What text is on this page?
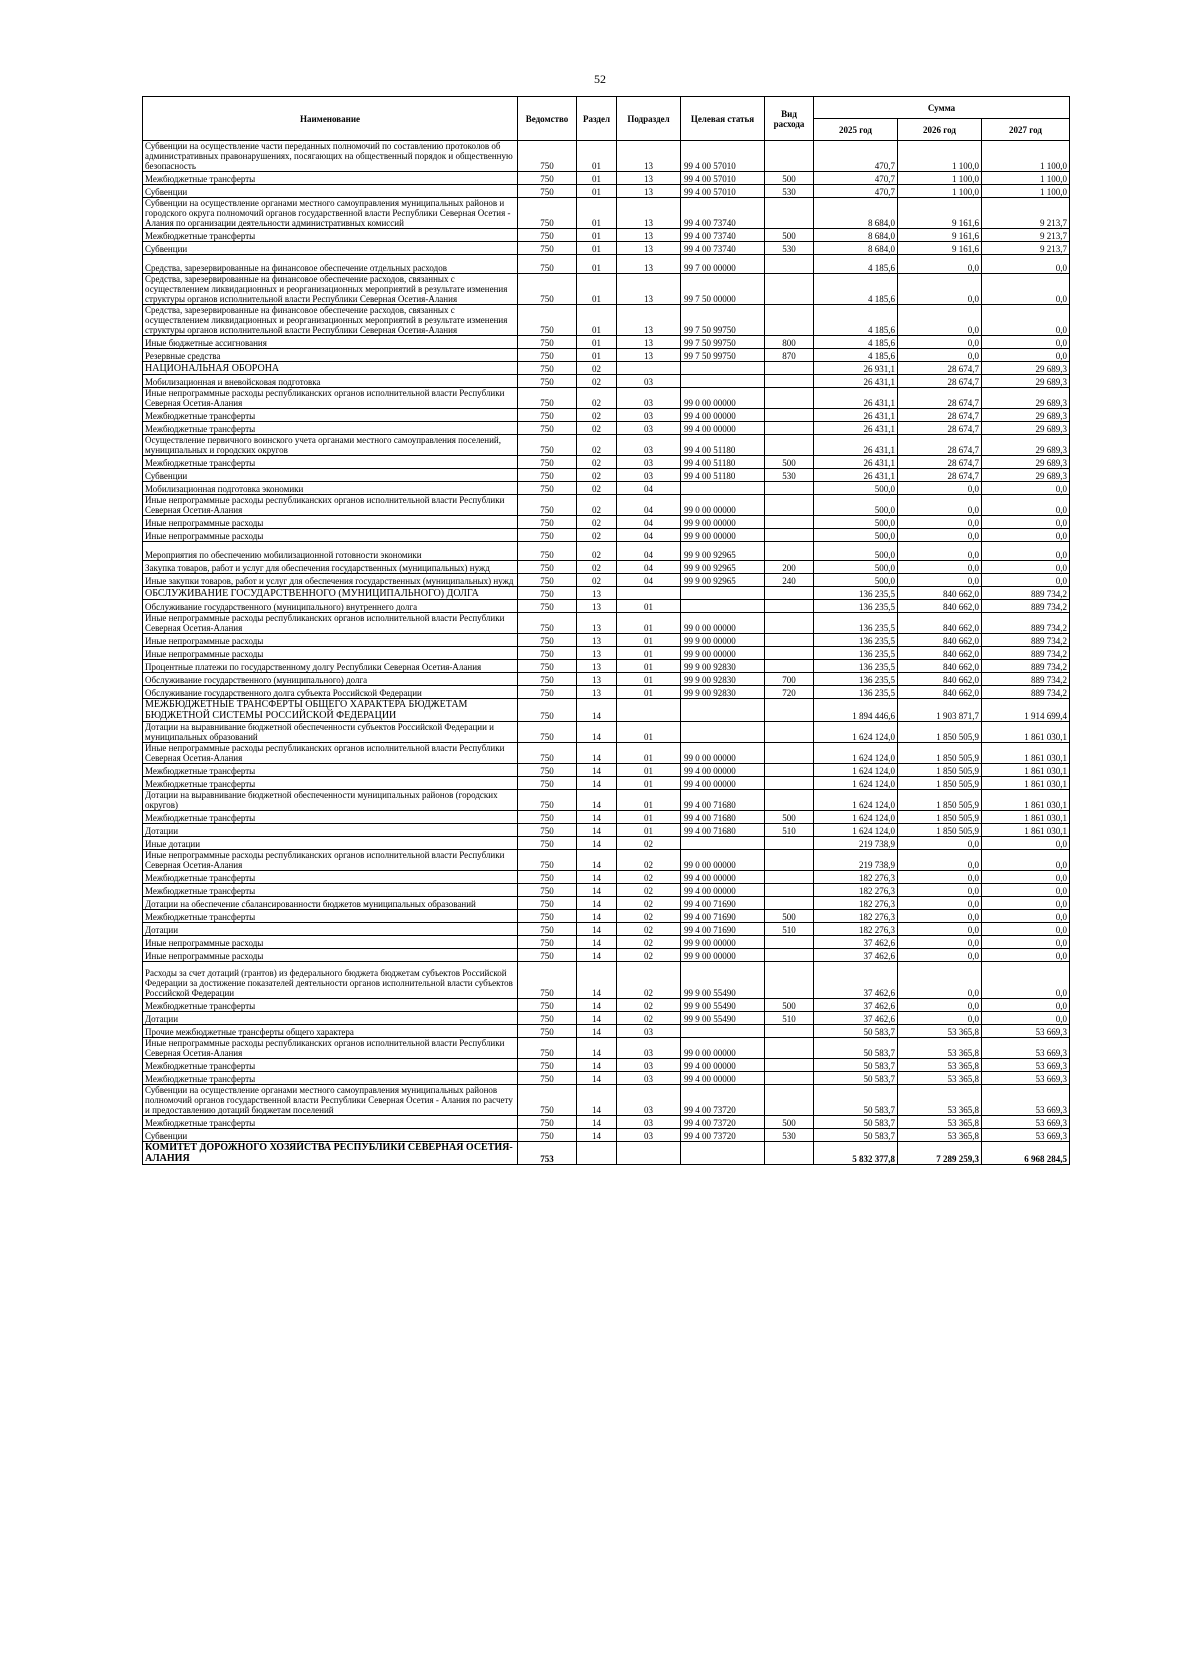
52
Наименование	Ведомство	Раздел	Подраздел	Целевая статья	Вид расхода	Сумма		
						2025 год	2026 год	2027 год
Субвенции на осуществление части переданных полномочий по составлению протоколов об административных правонарушениях, посягающих на общественный порядок и общественную безопасность	750	01	13	99 4 00 57010		470,7	1 100,0	1 100,0
Межбюджетные трансферты	750	01	13	99 4 00 57010	500	470,7	1 100,0	1 100,0
Субвенции	750	01	13	99 4 00 57010	530	470,7	1 100,0	1 100,0
Субвенции на осуществление органами местного самоуправления муниципальных районов и городского округа полномочий органов государственной власти Республики Северная Осетия - Алания по организации деятельности административных комиссий	750	01	13	99 4 00 73740		8 684,0	9 161,6	9 213,7
Межбюджетные трансферты	750	01	13	99 4 00 73740	500	8 684,0	9 161,6	9 213,7
Субвенции	750	01	13	99 4 00 73740	530	8 684,0	9 161,6	9 213,7
Средства, зарезервированные на финансовое обеспечение отдельных расходов	750	01	13	99 7 00 00000		4 185,6	0,0	0,0
Средства, зарезервированные на финансовое обеспечение расходов, связанных с осуществлением ликвидационных и реорганизационных мероприятий в результате изменения структуры органов исполнительной власти Республики Северная Осетия-Алания	750	01	13	99 7 50 00000		4 185,6	0,0	0,0
Средства, зарезервированные на финансовое обеспечение расходов, связанных с осуществлением ликвидационных и реорганизационных мероприятий в результате изменения структуры органов исполнительной власти Республики Северная Осетия-Алания	750	01	13	99 7 50 99750		4 185,6	0,0	0,0
Иные бюджетные ассигнования	750	01	13	99 7 50 99750	800	4 185,6	0,0	0,0
Резервные средства	750	01	13	99 7 50 99750	870	4 185,6	0,0	0,0
НАЦИОНАЛЬНАЯ ОБОРОНА	750	02				26 931,1	28 674,7	29 689,3
Мобилизационная и вневойсковая подготовка	750	02	03			26 431,1	28 674,7	29 689,3
Иные непрограммные расходы республиканских органов исполнительной власти Республики Северная Осетия-Алания	750	02	03	99 0 00 00000		26 431,1	28 674,7	29 689,3
Межбюджетные трансферты	750	02	03	99 4 00 00000		26 431,1	28 674,7	29 689,3
Межбюджетные трансферты	750	02	03	99 4 00 00000		26 431,1	28 674,7	29 689,3
Осуществление первичного воинского учета органами местного самоуправления поселений, муниципальных и городских округов	750	02	03	99 4 00 51180		26 431,1	28 674,7	29 689,3
Межбюджетные трансферты	750	02	03	99 4 00 51180	500	26 431,1	28 674,7	29 689,3
Субвенции	750	02	03	99 4 00 51180	530	26 431,1	28 674,7	29 689,3
Мобилизационная подготовка экономики	750	02	04			500,0	0,0	0,0
Иные непрограммные расходы республиканских органов исполнительной власти Республики Северная Осетия-Алания	750	02	04	99 0 00 00000		500,0	0,0	0,0
Иные непрограммные расходы	750	02	04	99 9 00 00000		500,0	0,0	0,0
Иные непрограммные расходы	750	02	04	99 9 00 00000		500,0	0,0	0,0
Мероприятия по обеспечению мобилизационной готовности экономики	750	02	04	99 9 00 92965		500,0	0,0	0,0
Закупка товаров, работ и услуг для обеспечения государственных (муниципальных) нужд	750	02	04	99 9 00 92965	200	500,0	0,0	0,0
Иные закупки товаров, работ и услуг для обеспечения государственных (муниципальных) нужд	750	02	04	99 9 00 92965	240	500,0	0,0	0,0
ОБСЛУЖИВАНИЕ ГОСУДАРСТВЕННОГО (МУНИЦИПАЛЬНОГО) ДОЛГА	750	13				136 235,5	840 662,0	889 734,2
Обслуживание государственного (муниципального) внутреннего долга	750	13	01			136 235,5	840 662,0	889 734,2
Иные непрограммные расходы республиканских органов исполнительной власти Республики Северная Осетия-Алания	750	13	01	99 0 00 00000		136 235,5	840 662,0	889 734,2
Иные непрограммные расходы	750	13	01	99 9 00 00000		136 235,5	840 662,0	889 734,2
Иные непрограммные расходы	750	13	01	99 9 00 00000		136 235,5	840 662,0	889 734,2
Процентные платежи по государственному долгу Республики Северная Осетия-Алания	750	13	01	99 9 00 92830		136 235,5	840 662,0	889 734,2
Обслуживание государственного (муниципального) долга	750	13	01	99 9 00 92830	700	136 235,5	840 662,0	889 734,2
Обслуживание государственного долга субъекта Российской Федерации	750	13	01	99 9 00 92830	720	136 235,5	840 662,0	889 734,2
МЕЖБЮДЖЕТНЫЕ ТРАНСФЕРТЫ ОБЩЕГО ХАРАКТЕРА БЮДЖЕТАМ БЮДЖЕТНОЙ СИСТЕМЫ РОССИЙСКОЙ ФЕДЕРАЦИИ	750	14				1 894 446,6	1 903 871,7	1 914 699,4
Дотации на выравнивание бюджетной обеспеченности субъектов Российской Федерации и муниципальных образований	750	14	01			1 624 124,0	1 850 505,9	1 861 030,1
Иные непрограммные расходы республиканских органов исполнительной власти Республики Северная Осетия-Алания	750	14	01	99 0 00 00000		1 624 124,0	1 850 505,9	1 861 030,1
Межбюджетные трансферты	750	14	01	99 4 00 00000		1 624 124,0	1 850 505,9	1 861 030,1
Межбюджетные трансферты	750	14	01	99 4 00 00000		1 624 124,0	1 850 505,9	1 861 030,1
Дотации на выравнивание бюджетной обеспеченности муниципальных районов (городских округов)	750	14	01	99 4 00 71680		1 624 124,0	1 850 505,9	1 861 030,1
Межбюджетные трансферты	750	14	01	99 4 00 71680	500	1 624 124,0	1 850 505,9	1 861 030,1
Дотации	750	14	01	99 4 00 71680	510	1 624 124,0	1 850 505,9	1 861 030,1
Иные дотации	750	14	02			219 738,9	0,0	0,0
Иные непрограммные расходы республиканских органов исполнительной власти Республики Северная Осетия-Алания	750	14	02	99 0 00 00000		219 738,9	0,0	0,0
Межбюджетные трансферты	750	14	02	99 4 00 00000		182 276,3	0,0	0,0
Межбюджетные трансферты	750	14	02	99 4 00 00000		182 276,3	0,0	0,0
Дотации на обеспечение сбалансированности бюджетов муниципальных образований	750	14	02	99 4 00 71690		182 276,3	0,0	0,0
Межбюджетные трансферты	750	14	02	99 4 00 71690	500	182 276,3	0,0	0,0
Дотации	750	14	02	99 4 00 71690	510	182 276,3	0,0	0,0
Иные непрограммные расходы	750	14	02	99 9 00 00000		37 462,6	0,0	0,0
Иные непрограммные расходы	750	14	02	99 9 00 00000		37 462,6	0,0	0,0
Расходы за счет дотаций (грантов) из федерального бюджета бюджетам субъектов Российской Федерации за достижение показателей деятельности органов исполнительной власти субъектов Российской Федерации	750	14	02	99 9 00 55490		37 462,6	0,0	0,0
Межбюджетные трансферты	750	14	02	99 9 00 55490	500	37 462,6	0,0	0,0
Дотации	750	14	02	99 9 00 55490	510	37 462,6	0,0	0,0
Прочие межбюджетные трансферты общего характера	750	14	03			50 583,7	53 365,8	53 669,3
Иные непрограммные расходы республиканских органов исполнительной власти Республики Северная Осетия-Алания	750	14	03	99 0 00 00000		50 583,7	53 365,8	53 669,3
Межбюджетные трансферты	750	14	03	99 4 00 00000		50 583,7	53 365,8	53 669,3
Межбюджетные трансферты	750	14	03	99 4 00 00000		50 583,7	53 365,8	53 669,3
Субвенции на осуществление органами местного самоуправления муниципальных районов полномочий органов государственной власти Республики Северная Осетия - Алания по расчету и предоставлению дотаций бюджетам поселений	750	14	03	99 4 00 73720		50 583,7	53 365,8	53 669,3
Межбюджетные трансферты	750	14	03	99 4 00 73720	500	50 583,7	53 365,8	53 669,3
Субвенции	750	14	03	99 4 00 73720	530	50 583,7	53 365,8	53 669,3
КОМИТЕТ ДОРОЖНОГО ХОЗЯЙСТВА РЕСПУБЛИКИ СЕВЕРНАЯ ОСЕТИЯ-АЛАНИЯ	753					5 832 377,8	7 289 259,3	6 968 284,5
